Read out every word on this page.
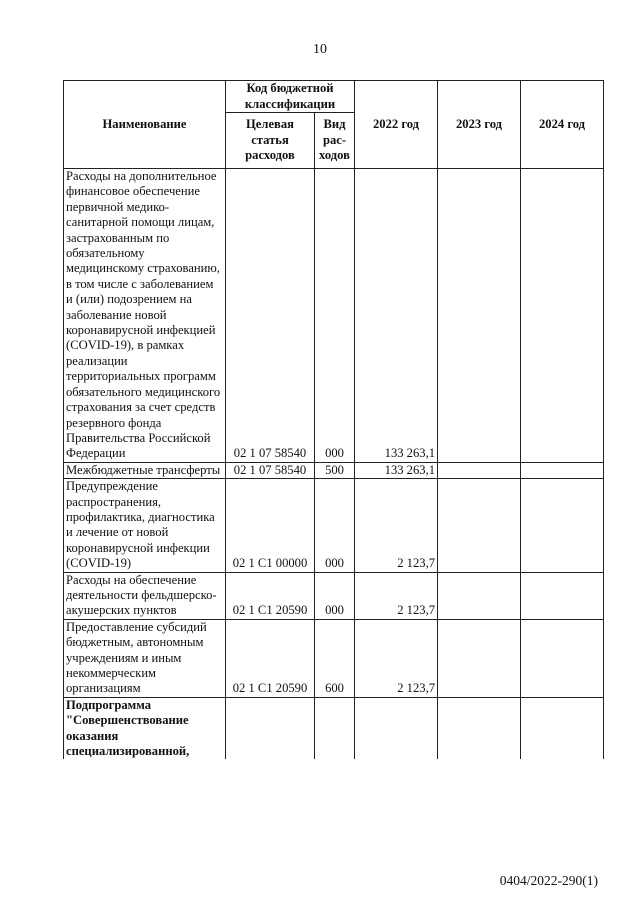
10
Наименование	Код бюджетной классификации		2022 год	2023 год	2024 год
	Целевая статья расходов	Вид рас-ходов			
Расходы на дополнительное финансовое обеспечение первичной медико-санитарной помощи лицам, застрахованным по обязательному медицинскому страхованию, в том числе с заболеванием и (или) подозрением на заболевание новой коронавирусной инфекцией (COVID-19), в рамках реализации территориальных программ обязательного медицинского страхования за счет средств резервного фонда Правительства Российской Федерации	02 1 07 58540	000	133 263,1		
Межбюджетные трансферты	02 1 07 58540	500	133 263,1		
Предупреждение распространения, профилактика, диагностика и лечение от новой коронавирусной инфекции (COVID-19)	02 1 С1 00000	000	2 123,7		
Расходы на обеспечение деятельности фельдшерско-акушерских пунктов	02 1 С1 20590	000	2 123,7		
Предоставление субсидий бюджетным, автономным учреждениям и иным некоммерческим организациям	02 1 С1 20590	600	2 123,7		
Подпрограмма "Совершенствование оказания специализированной,					
0404/2022-290(1)
